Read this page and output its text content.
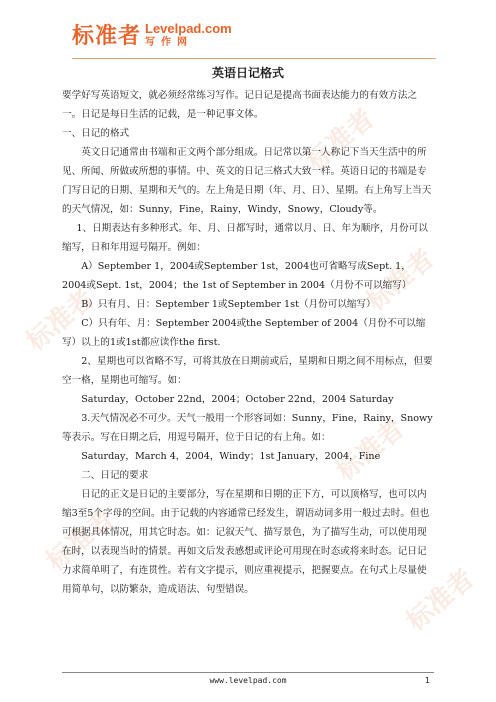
标准者
标准者
标准者
标准者
标准者
标准者
标准者 Levelpad.com
写作网
英语日记格式

要学好写英语短文，就必须经常练习写作。记日记是提高书面表达能力的有效方法之一。日记是每日生活的记载，是一种记事文体。

一、日记的格式

英文日记通常由书端和正文两个部分组成。日记常以第一人称记下当天生活中的所见、所闻、所做或所想的事情。中、英文的日记三格式大致一样。英语日记的书端是专门写日记的日期、星期和天气的。左上角是日期（年、月、日）、星期。右上角写上当天的天气情况，如：Sunny，Fine，Rainy，Windy，Snowy，Cloudy等。

1、日期表达有多种形式。年、月、日都写时，通常以月、日、年为顺序，月份可以缩写，日和年用逗号隔开。例如：

A）September 1，2004或September 1st，2004也可省略写成Sept. 1，2004或Sept. 1st，2004；the 1st of September in 2004（月份不可以缩写）

B）只有月、日：September 1或September 1st（月份可以缩写）

C）只有年、月：September 2004或the September of 2004（月份不可以缩写）以上的1或1st都应读作the first.

2、星期也可以省略不写，可将其放在日期前或后，星期和日期之间不用标点，但要空一格，星期也可缩写。如：

Saturday，October 22nd，2004；October 22nd，2004 Saturday

3.天气情况必不可少。天气一般用一个形容词如：Sunny，Fine，Rainy，Snowy等表示。写在日期之后，用逗号隔开，位于日记的右上角。如：

Saturday，March 4，2004，Windy；1st January，2004，Fine

二、日记的要求

日记的正文是日记的主要部分，写在星期和日期的正下方，可以顶格写，也可以内缩3至5个字母的空间。由于记载的内容通常已经发生，谓语动词多用一般过去时。但也可根据具体情况，用其它时态。如：记叙天气、描写景色，为了描写生动，可以使用现在时，以表现当时的情景。再如文后发表感想或评论可用现在时态或将来时态。记日记力求简单明了，有连贯性。若有文字提示，则应重视提示，把握要点。在句式上尽量使用简单句，以防繁杂，造成语法、句型错误。

www.levelpad.com	1
